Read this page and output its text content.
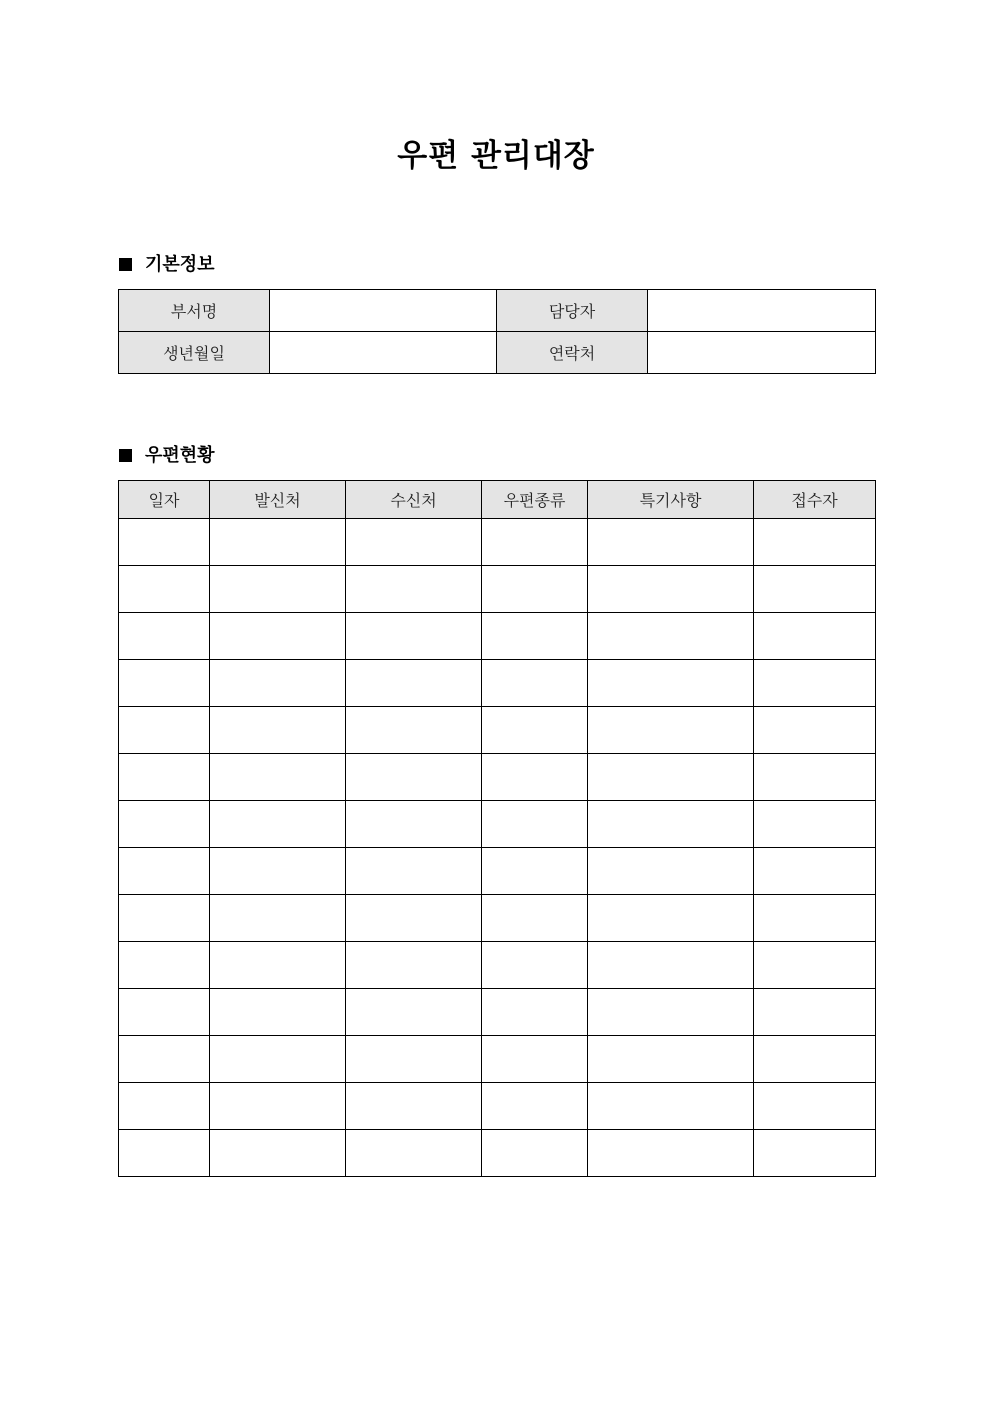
우편 관리대장
기본정보
부서명		담당자	
생년월일		연락처	
우편현황
일자	발신처	수신처	우편종류	특기사항	접수자
